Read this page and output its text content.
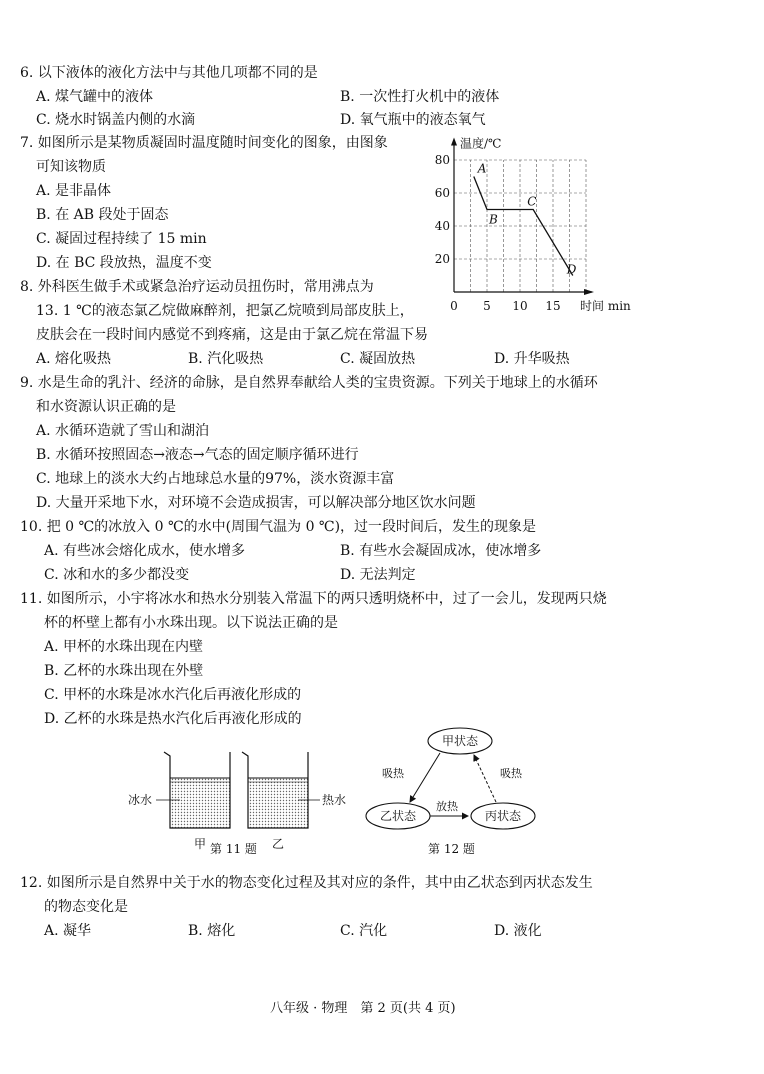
6. 以下液体的液化方法中与其他几项都不同的是
A. 煤气罐中的液体	B. 一次性打火机中的液体
C. 烧水时锅盖内侧的水滴	D. 氧气瓶中的液态氧气
7. 如图所示是某物质凝固时温度随时间变化的图象，由图象
可知该物质
A. 是非晶体
B. 在 AB 段处于固态
C. 凝固过程持续了 15 min
D. 在 BC 段放热，温度不变	20
40
60
80
0 5 10 15
A
B
C
D
温度/℃
时间 min
8. 外科医生做手术或紧急治疗运动员扭伤时，常用沸点为
13. 1 ℃的液态氯乙烷做麻醉剂，把氯乙烷喷到局部皮肤上，
皮肤会在一段时间内感觉不到疼痛，这是由于氯乙烷在常温下易
A. 熔化吸热	B. 汽化吸热	C. 凝固放热	D. 升华吸热
9. 水是生命的乳汁、经济的命脉，是自然界奉献给人类的宝贵资源。下列关于地球上的水循环
和水资源认识正确的是
A. 水循环造就了雪山和湖泊
B. 水循环按照固态→液态→气态的固定顺序循环进行
C. 地球上的淡水大约占地球总水量的97%，淡水资源丰富
D. 大量开采地下水，对环境不会造成损害，可以解决部分地区饮水问题
10. 把 0 ℃的冰放入 0 ℃的水中(周围气温为 0 ℃)，过一段时间后，发生的现象是
A. 有些冰会熔化成水，使水增多	B. 有些水会凝固成冰，使冰增多
C. 冰和水的多少都没变	D. 无法判定
11. 如图所示，小宇将冰水和热水分别装入常温下的两只透明烧杯中，过了一会儿，发现两只烧
杯的杯壁上都有小水珠出现。以下说法正确的是
A. 甲杯的水珠出现在内壁
B. 乙杯的水珠出现在外壁
C. 甲杯的水珠是冰水汽化后再液化形成的
D. 乙杯的水珠是热水汽化后再液化形成的
冰水	热水
甲	乙
第 11 题
甲状态
乙状态	丙状态
吸热	吸热
放热
第 12 题
12. 如图所示是自然界中关于水的物态变化过程及其对应的条件，其中由乙状态到丙状态发生
的物态变化是
A. 凝华	B. 熔化	C. 汽化	D. 液化
八年级 · 物理　第 2 页(共 4 页)
